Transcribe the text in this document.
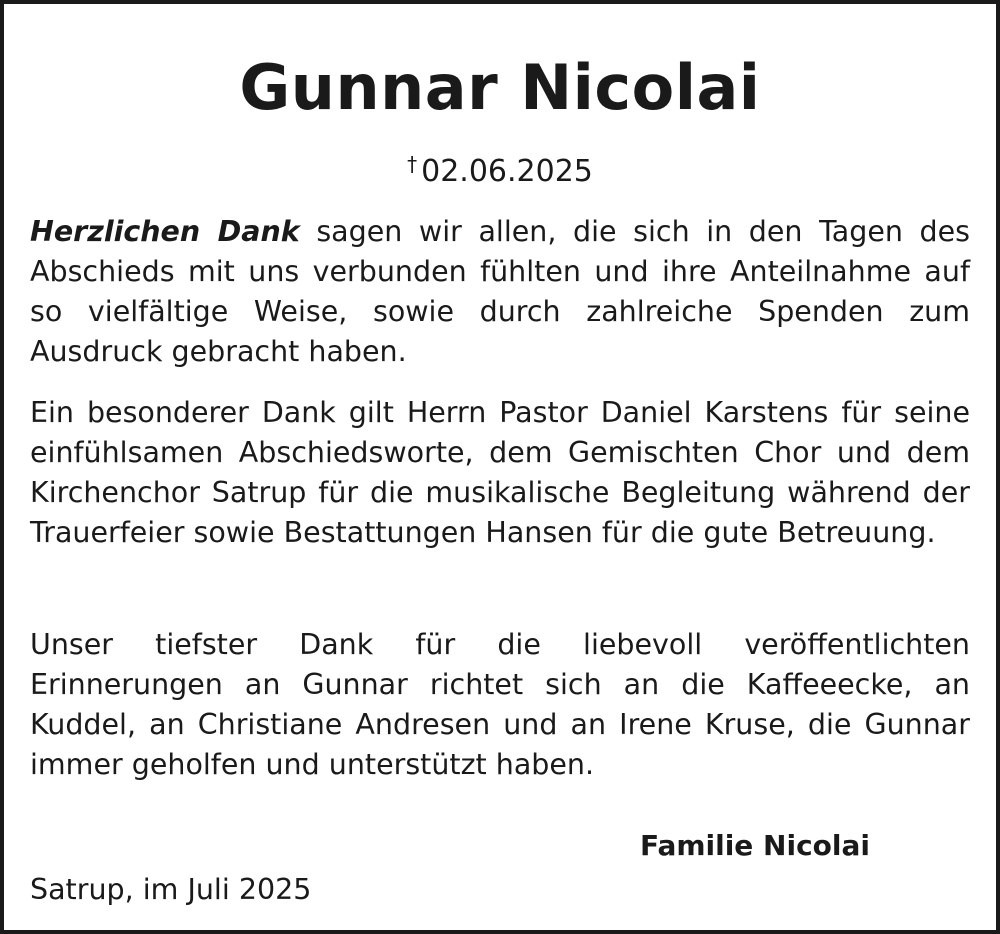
Gunnar Nicolai

† 02.06.2025

Herzlichen Dank sagen wir allen, die sich in den Tagen des Abschieds mit uns verbunden fühlten und ihre Anteilnahme auf so vielfältige Weise, sowie durch zahlreiche Spenden zum Ausdruck gebracht haben.

Ein besonderer Dank gilt Herrn Pastor Daniel Karstens für seine einfühlsamen Abschiedsworte, dem Gemischten Chor und dem Kirchenchor Satrup für die musikalische Begleitung während der Trauerfeier sowie Bestattungen Hansen für die gute Betreuung.

Unser tiefster Dank für die liebevoll veröffentlichten Erinnerungen an Gunnar richtet sich an die Kaffeeecke, an Kuddel, an Christiane Andresen und an Irene Kruse, die Gunnar immer geholfen und unterstützt haben.

Familie Nicolai

Satrup, im Juli 2025
